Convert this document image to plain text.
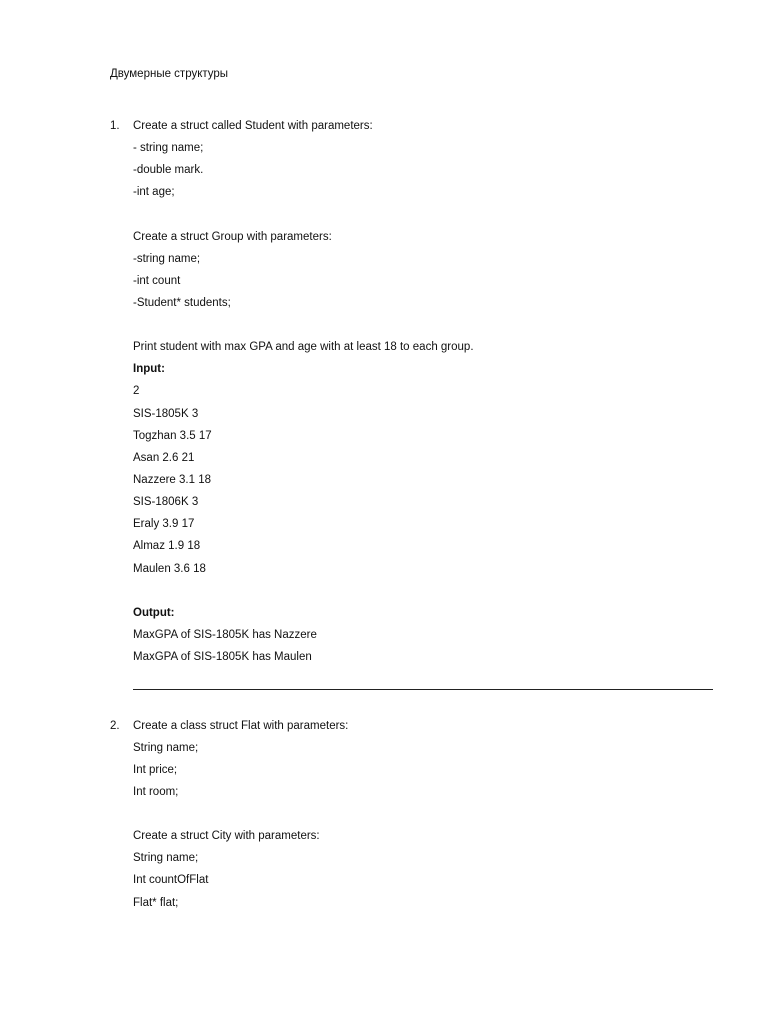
Двумерные структуры
1. Create a struct called Student with parameters:
- string name;
-double mark.
-int age;
Create a struct Group with parameters:
-string name;
-int count
-Student* students;
Print student with max GPA and age with at least 18 to each group.
Input:
2
SIS-1805K 3
Togzhan 3.5 17
Asan 2.6 21
Nazzere 3.1 18
SIS-1806K 3
Eraly 3.9 17
Almaz 1.9 18
Maulen 3.6 18
Output:
MaxGPA of SIS-1805K has Nazzere
MaxGPA of SIS-1805K has Maulen
2. Create a class struct Flat with parameters:
String name;
Int price;
Int room;
Create a struct City with parameters:
String name;
Int countOfFlat
Flat* flat;
